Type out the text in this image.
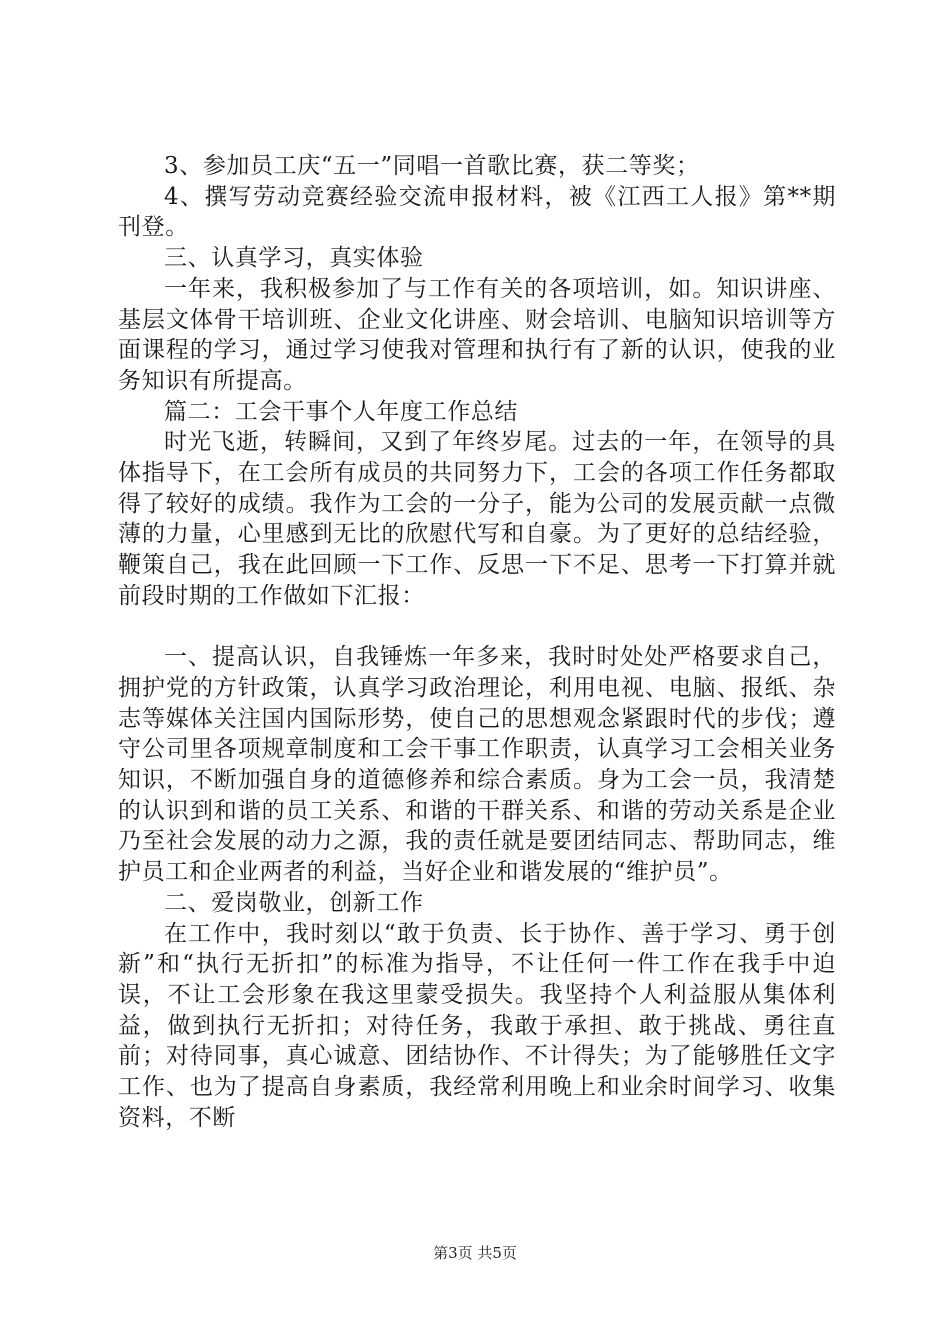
3、参加员工庆“五一”同唱一首歌比赛，获二等奖；

4、撰写劳动竞赛经验交流申报材料，被《江西工人报》第**期刊登。

三、认真学习，真实体验

一年来，我积极参加了与工作有关的各项培训，如。知识讲座、基层文体骨干培训班、企业文化讲座、财会培训、电脑知识培训等方面课程的学习，通过学习使我对管理和执行有了新的认识，使我的业务知识有所提高。

篇二：工会干事个人年度工作总结

时光飞逝，转瞬间，又到了年终岁尾。过去的一年，在领导的具体指导下，在工会所有成员的共同努力下，工会的各项工作任务都取得了较好的成绩。我作为工会的一分子，能为公司的发展贡献一点微薄的力量，心里感到无比的欣慰代写和自豪。为了更好的总结经验，鞭策自己，我在此回顾一下工作、反思一下不足、思考一下打算并就前段时期的工作做如下汇报：

一、提高认识，自我锤炼一年多来，我时时处处严格要求自己，拥护党的方针政策，认真学习政治理论，利用电视、电脑、报纸、杂志等媒体关注国内国际形势，使自己的思想观念紧跟时代的步伐；遵守公司里各项规章制度和工会干事工作职责，认真学习工会相关业务知识，不断加强自身的道德修养和综合素质。身为工会一员，我清楚的认识到和谐的员工关系、和谐的干群关系、和谐的劳动关系是企业乃至社会发展的动力之源，我的责任就是要团结同志、帮助同志，维护员工和企业两者的利益，当好企业和谐发展的“维护员”。

二、爱岗敬业，创新工作

在工作中，我时刻以“敢于负责、长于协作、善于学习、勇于创新”和“执行无折扣”的标准为指导，不让任何一件工作在我手中迫误，不让工会形象在我这里蒙受损失。我坚持个人利益服从集体利益，做到执行无折扣；对待任务，我敢于承担、敢于挑战、勇往直前；对待同事，真心诚意、团结协作、不计得失；为了能够胜任文字工作、也为了提高自身素质，我经常利用晚上和业余时间学习、收集资料，不断

第3页 共5页
